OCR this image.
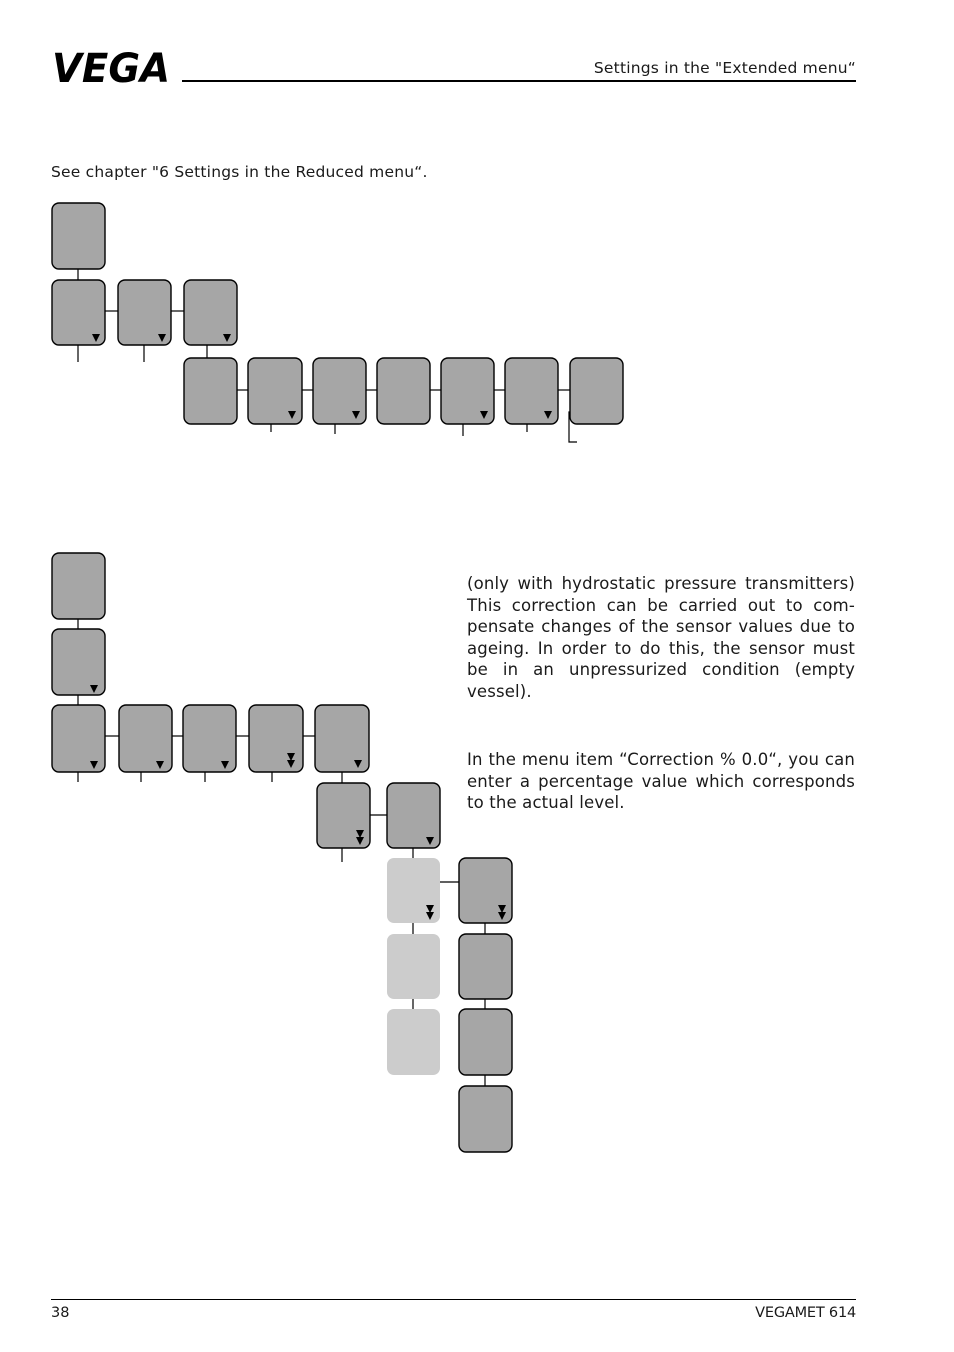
VEGA	Settings in the "Extended menu“
See chapter "6 Settings in the Reduced menu“.

(only with hydrostatic pressure transmitters) This correction can be carried out to com- pensate changes of the sensor values due to ageing. In order to do this, the sensor must be in an unpressurized condition (empty vessel).

In the menu item “Correction % 0.0“, you can enter a percentage value which corresponds to the actual level.

38	VEGAMET 614
